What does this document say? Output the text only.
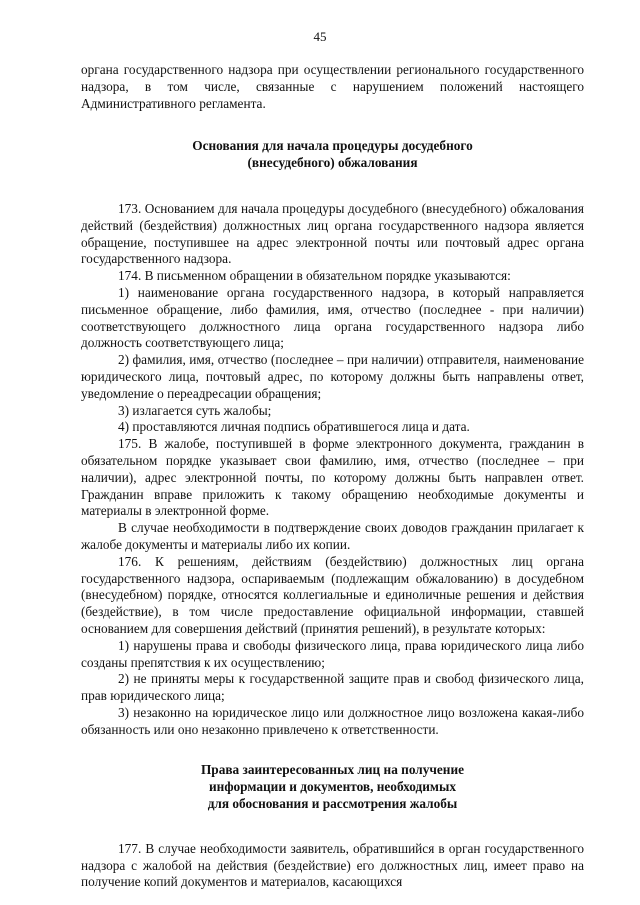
45

органа государственного надзора при осуществлении регионального государственного надзора, в том числе, связанные с нарушением положений настоящего Административного регламента.

Основания для начала процедуры досудебного

(внесудебного) обжалования

173. Основанием для начала процедуры досудебного (внесудебного) обжалования действий (бездействия) должностных лиц органа государственного надзора является обращение, поступившее на адрес электронной почты или почтовый адрес органа государственного надзора.

174. В письменном обращении в обязательном порядке указываются:

1) наименование органа государственного надзора, в который направляется письменное обращение, либо фамилия, имя, отчество (последнее - при наличии) соответствующего должностного лица органа государственного надзора либо должность соответствующего лица;

2) фамилия, имя, отчество (последнее – при наличии) отправителя, наименование юридического лица, почтовый адрес, по которому должны быть направлены ответ, уведомление о переадресации обращения;

3) излагается суть жалобы;

4) проставляются личная подпись обратившегося лица и дата.

175. В жалобе, поступившей в форме электронного документа, гражданин в обязательном порядке указывает свои фамилию, имя, отчество (последнее – при наличии), адрес электронной почты, по которому должны быть направлен ответ. Гражданин вправе приложить к такому обращению необходимые документы и материалы в электронной форме.

В случае необходимости в подтверждение своих доводов гражданин прилагает к жалобе документы и материалы либо их копии.

176. К решениям, действиям (бездействию) должностных лиц органа государственного надзора, оспариваемым (подлежащим обжалованию) в досудебном (внесудебном) порядке, относятся коллегиальные и единоличные решения и действия (бездействие), в том числе предоставление официальной информации, ставшей основанием для совершения действий (принятия решений), в результате которых:

1) нарушены права и свободы физического лица, права юридического лица либо созданы препятствия к их осуществлению;

2) не приняты меры к государственной защите прав и свобод физического лица, прав юридического лица;

3) незаконно на юридическое лицо или должностное лицо возложена какая-либо обязанность или оно незаконно привлечено к ответственности.

Права заинтересованных лиц на получение

информации и документов, необходимых

для обоснования и рассмотрения жалобы

177. В случае необходимости заявитель, обратившийся в орган государственного надзора с жалобой на действия (бездействие) его должностных лиц, имеет право на получение копий документов и материалов, касающихся
